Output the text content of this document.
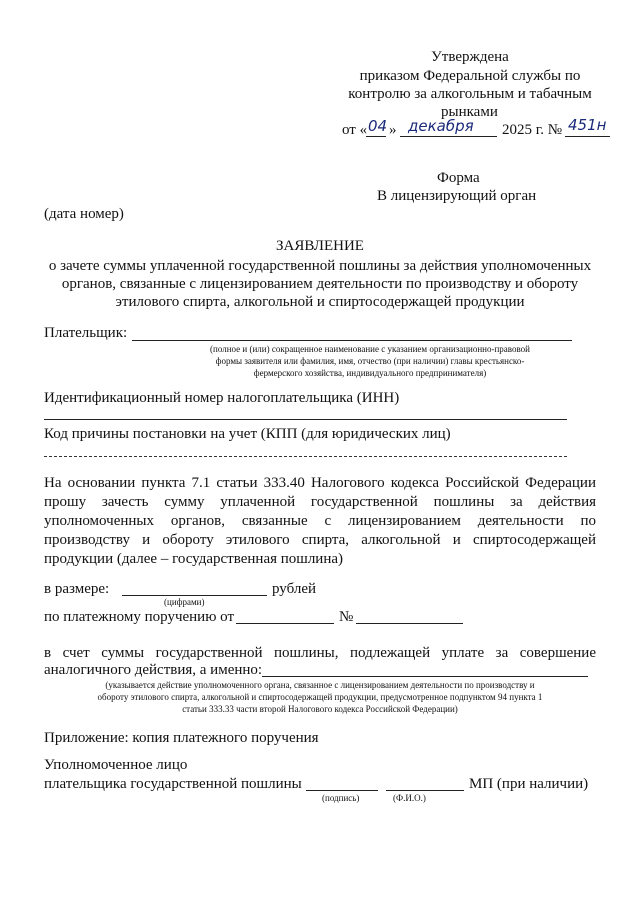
Утверждена
приказом Федеральной службы по
контролю за алкогольным и табачным
рынками
от « 04 » декабря 2025 г. № 451н
Форма
В лицензирующий орган
(дата номер)
ЗАЯВЛЕНИЕ
о зачете суммы уплаченной государственной пошлины за действия уполномоченных
органов, связанные с лицензированием деятельности по производству и обороту
этилового спирта, алкогольной и спиртосодержащей продукции
Плательщик:
(полное и (или) сокращенное наименование с указанием организационно-правовой
формы заявителя или фамилия, имя, отчество (при наличии) главы крестьянско-
фермерского хозяйства, индивидуального предпринимателя)
Идентификационный номер налогоплательщика (ИНН)
Код причины постановки на учет (КПП (для юридических лиц)
На основании пункта 7.1 статьи 333.40 Налогового кодекса Российской Федерации
прошу зачесть сумму уплаченной государственной пошлины за действия
уполномоченных органов, связанные с лицензированием деятельности по
производству и обороту этилового спирта, алкогольной и спиртосодержащей
продукции (далее – государственная пошлина)
в размере:	рублей
(цифрами)
по платежному поручению от	№
в счет суммы государственной пошлины, подлежащей уплате за совершение
аналогичного действия, а именно:
(указывается действие уполномоченного органа, связанное с лицензированием деятельности по производству и
обороту этилового спирта, алкогольной и спиртосодержащей продукции, предусмотренное подпунктом 94 пункта 1
статьи 333.33 части второй Налогового кодекса Российской Федерации)
Приложение: копия платежного поручения
Уполномоченное лицо
плательщика государственной пошлины	МП (при наличии)
(подпись)	(Ф.И.О.)
